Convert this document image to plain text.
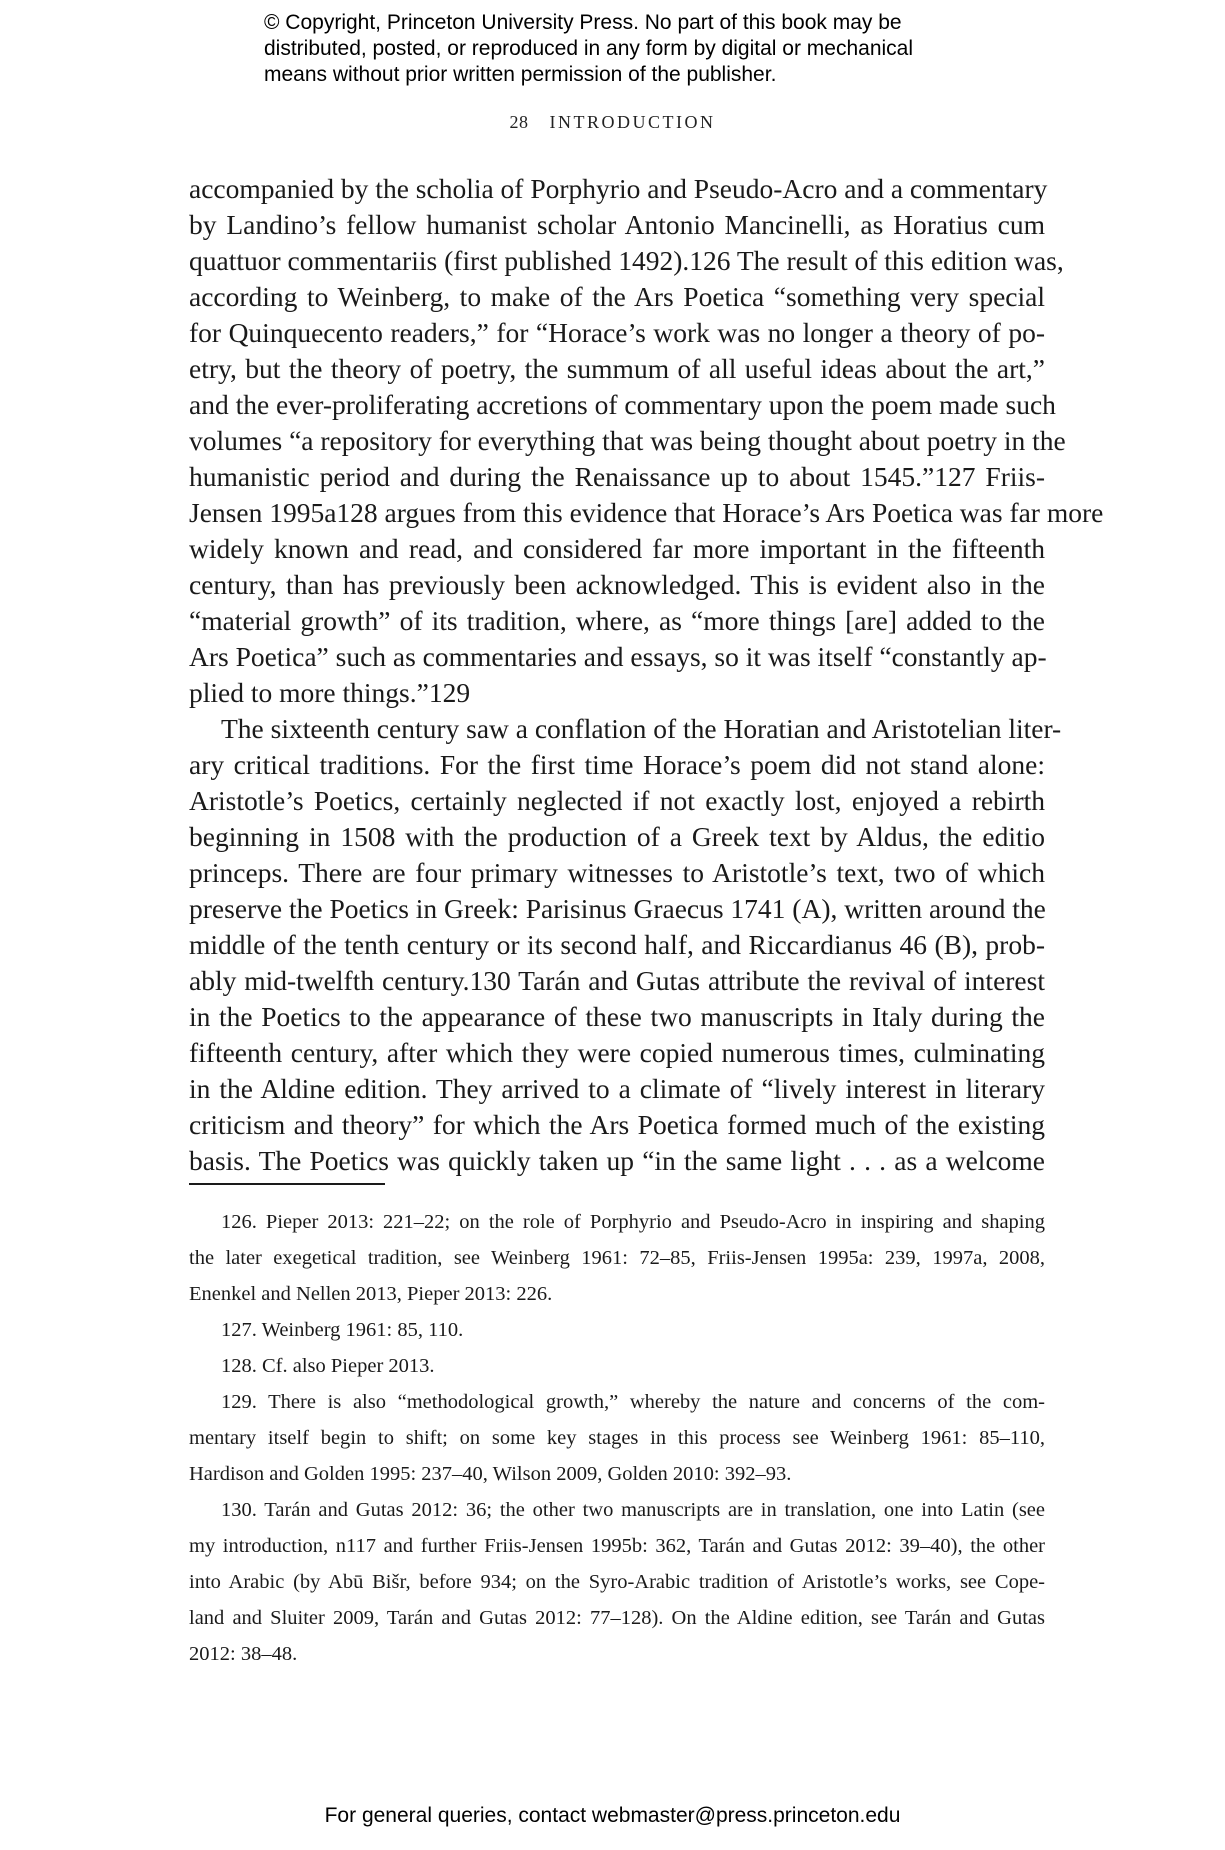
© Copyright, Princeton University Press. No part of this book may be
distributed, posted, or reproduced in any form by digital or mechanical
means without prior written permission of the publisher.
28 INTRODUCTION
accompanied by the scholia of Porphyrio and Pseudo-Acro and a commentary
by Landino’s fellow humanist scholar Antonio Mancinelli, as Horatius cum
quattuor commentariis (first published 1492).126 The result of this edition was,
according to Weinberg, to make of the Ars Poetica “something very special
for Quinquecento readers,” for “Horace’s work was no longer a theory of po-
etry, but the theory of poetry, the summum of all useful ideas about the art,”
and the ever-proliferating accretions of commentary upon the poem made such
volumes “a repository for everything that was being thought about poetry in the
humanistic period and during the Renaissance up to about 1545.”127 Friis-
Jensen 1995a128 argues from this evidence that Horace’s Ars Poetica was far more
widely known and read, and considered far more important in the fifteenth
century, than has previously been acknowledged. This is evident also in the
“material growth” of its tradition, where, as “more things [are] added to the
Ars Poetica” such as commentaries and essays, so it was itself “constantly ap-
plied to more things.”129
The sixteenth century saw a conflation of the Horatian and Aristotelian liter-
ary critical traditions. For the first time Horace’s poem did not stand alone:
Aristotle’s Poetics, certainly neglected if not exactly lost, enjoyed a rebirth
beginning in 1508 with the production of a Greek text by Aldus, the editio
princeps. There are four primary witnesses to Aristotle’s text, two of which
preserve the Poetics in Greek: Parisinus Graecus 1741 (A), written around the
middle of the tenth century or its second half, and Riccardianus 46 (B), prob-
ably mid-twelfth century.130 Tarán and Gutas attribute the revival of interest
in the Poetics to the appearance of these two manuscripts in Italy during the
fifteenth century, after which they were copied numerous times, culminating
in the Aldine edition. They arrived to a climate of “lively interest in literary
criticism and theory” for which the Ars Poetica formed much of the existing
basis. The Poetics was quickly taken up “in the same light . . . as a welcome
126. Pieper 2013: 221–22; on the role of Porphyrio and Pseudo-Acro in inspiring and shaping
the later exegetical tradition, see Weinberg 1961: 72–85, Friis-Jensen 1995a: 239, 1997a, 2008,
Enenkel and Nellen 2013, Pieper 2013: 226.
127. Weinberg 1961: 85, 110.
128. Cf. also Pieper 2013.
129. There is also “methodological growth,” whereby the nature and concerns of the com-
mentary itself begin to shift; on some key stages in this process see Weinberg 1961: 85–110,
Hardison and Golden 1995: 237–40, Wilson 2009, Golden 2010: 392–93.
130. Tarán and Gutas 2012: 36; the other two manuscripts are in translation, one into Latin (see
my introduction, n117 and further Friis-Jensen 1995b: 362, Tarán and Gutas 2012: 39–40), the other
into Arabic (by Abū Bišr, before 934; on the Syro-Arabic tradition of Aristotle’s works, see Cope-
land and Sluiter 2009, Tarán and Gutas 2012: 77–128). On the Aldine edition, see Tarán and Gutas
2012: 38–48.
For general queries, contact webmaster@press.princeton.edu
